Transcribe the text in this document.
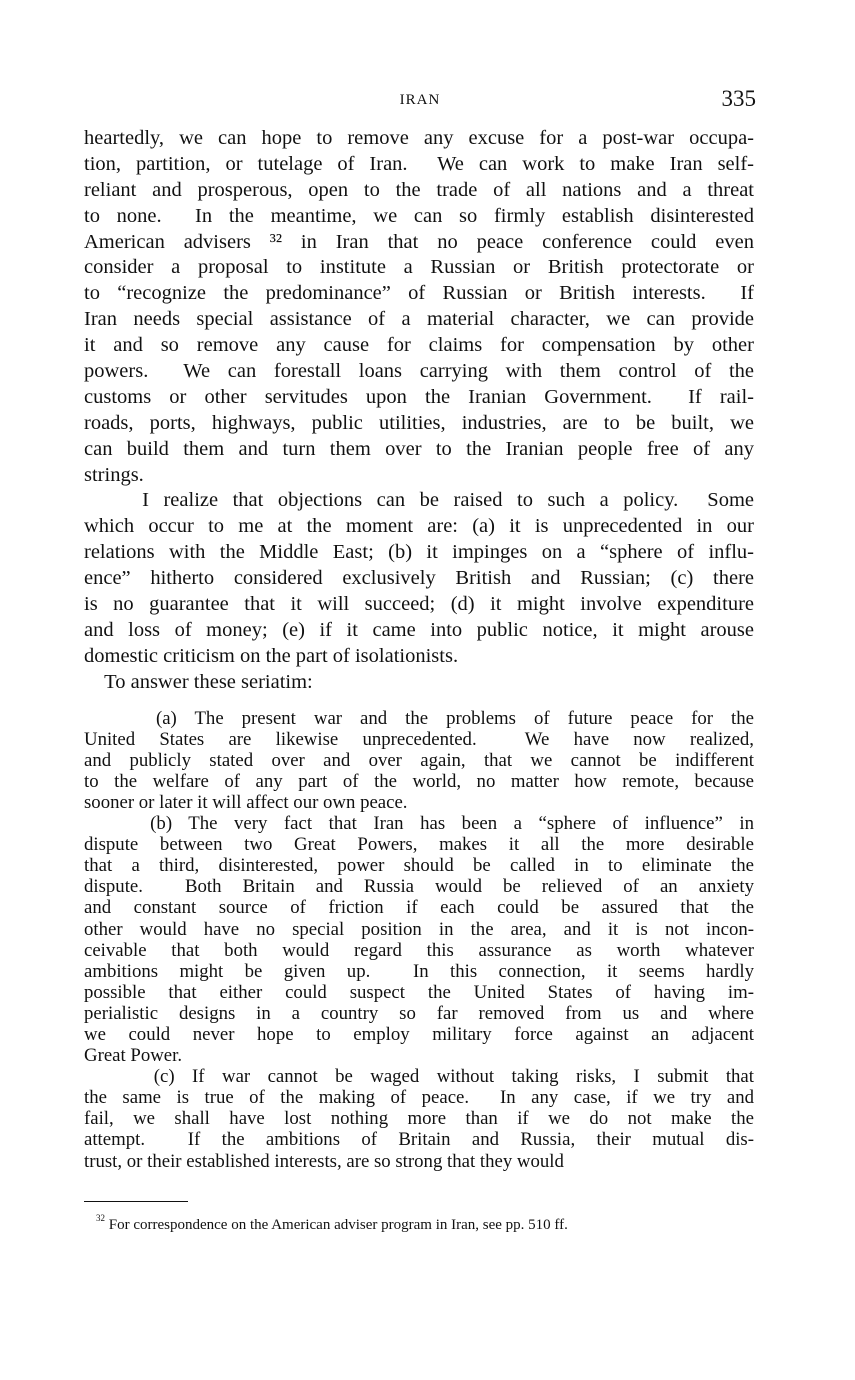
IRAN	335
heartedly, we can hope to remove any excuse for a post-war occupa-
tion, partition, or tutelage of Iran.  We can work to make Iran self-
reliant and prosperous, open to the trade of all nations and a threat
to none.  In the meantime, we can so firmly establish disinterested
American advisers ³² in Iran that no peace conference could even
consider a proposal to institute a Russian or British protectorate or
to “recognize the predominance” of Russian or British interests.  If
Iran needs special assistance of a material character, we can provide
it and so remove any cause for claims for compensation by other
powers.  We can forestall loans carrying with them control of the
customs or other servitudes upon the Iranian Government.  If rail-
roads, ports, highways, public utilities, industries, are to be built, we
can build them and turn them over to the Iranian people free of any
strings.
I realize that objections can be raised to such a policy.  Some
which occur to me at the moment are: (a) it is unprecedented in our
relations with the Middle East; (b) it impinges on a “sphere of influ-
ence” hitherto considered exclusively British and Russian; (c) there
is no guarantee that it will succeed; (d) it might involve expenditure
and loss of money; (e) if it came into public notice, it might arouse
domestic criticism on the part of isolationists.
To answer these seriatim:
(a) The present war and the problems of future peace for the
United States are likewise unprecedented.  We have now realized,
and publicly stated over and over again, that we cannot be indifferent
to the welfare of any part of the world, no matter how remote, because
sooner or later it will affect our own peace.
(b) The very fact that Iran has been a “sphere of influence” in
dispute between two Great Powers, makes it all the more desirable
that a third, disinterested, power should be called in to eliminate the
dispute.  Both Britain and Russia would be relieved of an anxiety
and constant source of friction if each could be assured that the
other would have no special position in the area, and it is not incon-
ceivable that both would regard this assurance as worth whatever
ambitions might be given up.  In this connection, it seems hardly
possible that either could suspect the United States of having im-
perialistic designs in a country so far removed from us and where
we could never hope to employ military force against an adjacent
Great Power.
(c) If war cannot be waged without taking risks, I submit that
the same is true of the making of peace.  In any case, if we try and
fail, we shall have lost nothing more than if we do not make the
attempt.  If the ambitions of Britain and Russia, their mutual dis-
trust, or their established interests, are so strong that they would
$^{32}$ For correspondence on the American adviser program in Iran, see pp. 510 ff.
